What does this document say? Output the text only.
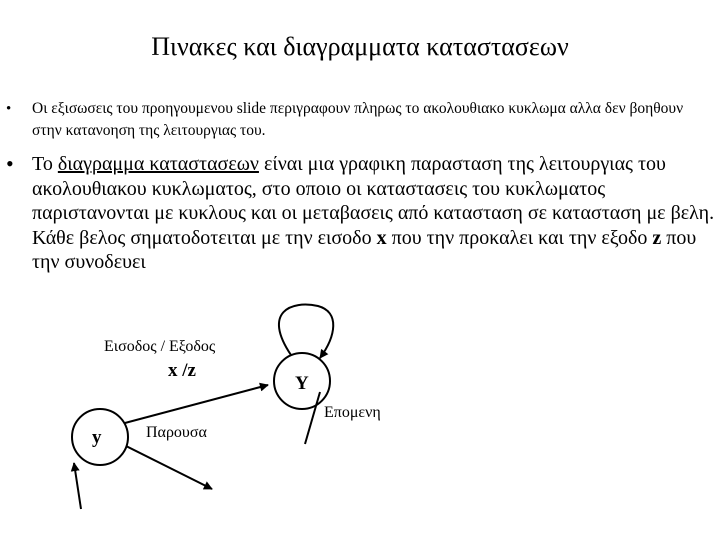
Πινακες και διαγραμματα καταστασεων
•	Οι εξισωσεις του προηγουμενου slide περιγραφουν πληρως το ακολουθιακο κυκλωμα αλλα δεν βοηθουν στην κατανοηση της λειτουργιας του.
• Το διαγραμμα καταστασεων είναι μια γραφικη παρασταση της λειτουργιας του ακολουθιακου κυκλωματος, στο οποιο οι καταστασεις του κυκλωματος παριστανονται με κυκλους και οι μεταβασεις από κατασταση σε κατασταση με βελη. Κάθε βελος σηματοδοτειται με την εισοδο x που την προκαλει και την εξοδο z που την συνοδευει
Εισοδος / Εξοδος
x /z
Παρουσα
Επομενη
y
Y
